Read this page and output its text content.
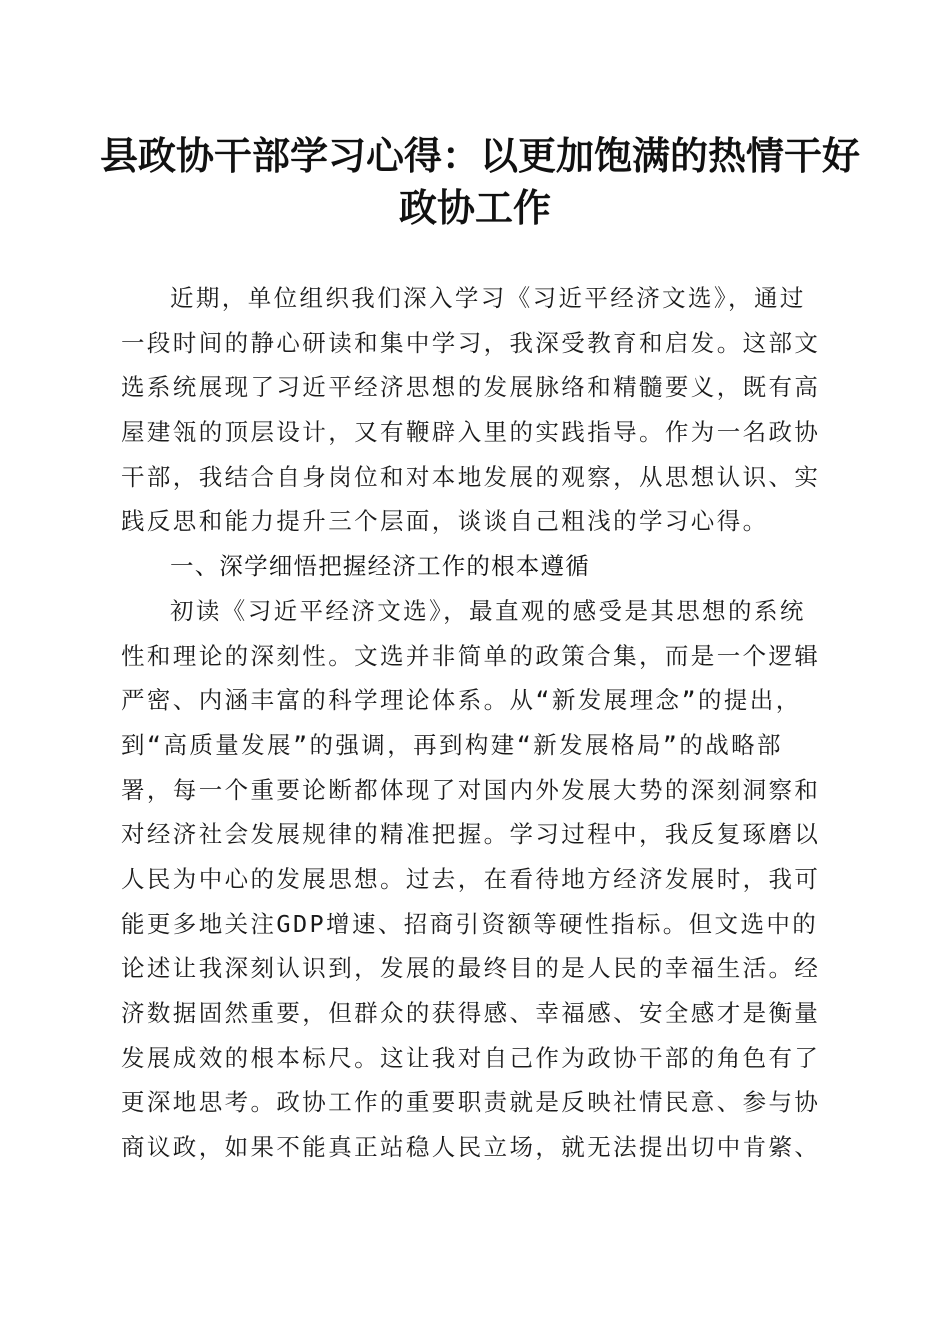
县政协干部学习心得：以更加饱满的热情干好
政协工作
近期，单位组织我们深入学习《习近平经济文选》，通过
一段时间的静心研读和集中学习，我深受教育和启发。这部文
选系统展现了习近平经济思想的发展脉络和精髓要义，既有高
屋建瓴的顶层设计，又有鞭辟入里的实践指导。作为一名政协
干部，我结合自身岗位和对本地发展的观察，从思想认识、实
践反思和能力提升三个层面，谈谈自己粗浅的学习心得。
一、深学细悟把握经济工作的根本遵循
初读《习近平经济文选》，最直观的感受是其思想的系统
性和理论的深刻性。文选并非简单的政策合集，而是一个逻辑
严密、内涵丰富的科学理论体系。从“新发展理念”的提出，
到“高质量发展”的强调，再到构建“新发展格局”的战略部
署，每一个重要论断都体现了对国内外发展大势的深刻洞察和
对经济社会发展规律的精准把握。学习过程中，我反复琢磨以
人民为中心的发展思想。过去，在看待地方经济发展时，我可
能更多地关注GDP增速、招商引资额等硬性指标。但文选中的
论述让我深刻认识到，发展的最终目的是人民的幸福生活。经
济数据固然重要，但群众的获得感、幸福感、安全感才是衡量
发展成效的根本标尺。这让我对自己作为政协干部的角色有了
更深地思考。政协工作的重要职责就是反映社情民意、参与协
商议政，如果不能真正站稳人民立场，就无法提出切中肯綮、
